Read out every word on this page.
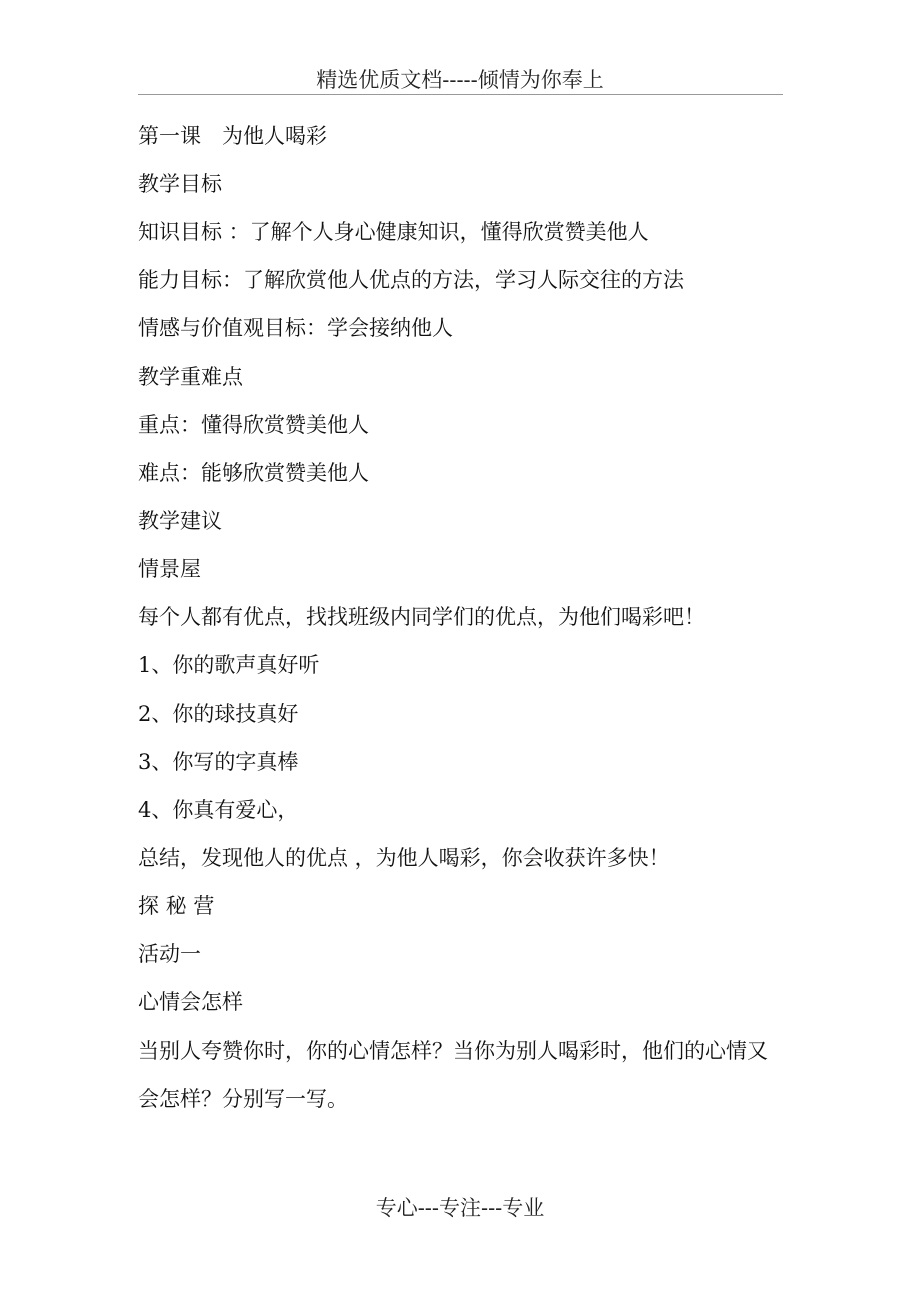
精选优质文档-----倾情为你奉上
第一课　为他人喝彩
教学目标
知识目标 ：了解个人身心健康知识，懂得欣赏赞美他人
能力目标：了解欣赏他人优点的方法，学习人际交往的方法
情感与价值观目标：学会接纳他人
教学重难点
重点：懂得欣赏赞美他人
难点：能够欣赏赞美他人
教学建议
情景屋
每个人都有优点，找找班级内同学们的优点，为他们喝彩吧！
1、你的歌声真好听
2、你的球技真好
3、你写的字真棒
4、你真有爱心，
总结，发现他人的优点 ，为他人喝彩，你会收获许多快！
探 秘 营
活动一
心情会怎样
当别人夸赞你时，你的心情怎样？当你为别人喝彩时，他们的心情又
会怎样？分别写一写。
专心---专注---专业
